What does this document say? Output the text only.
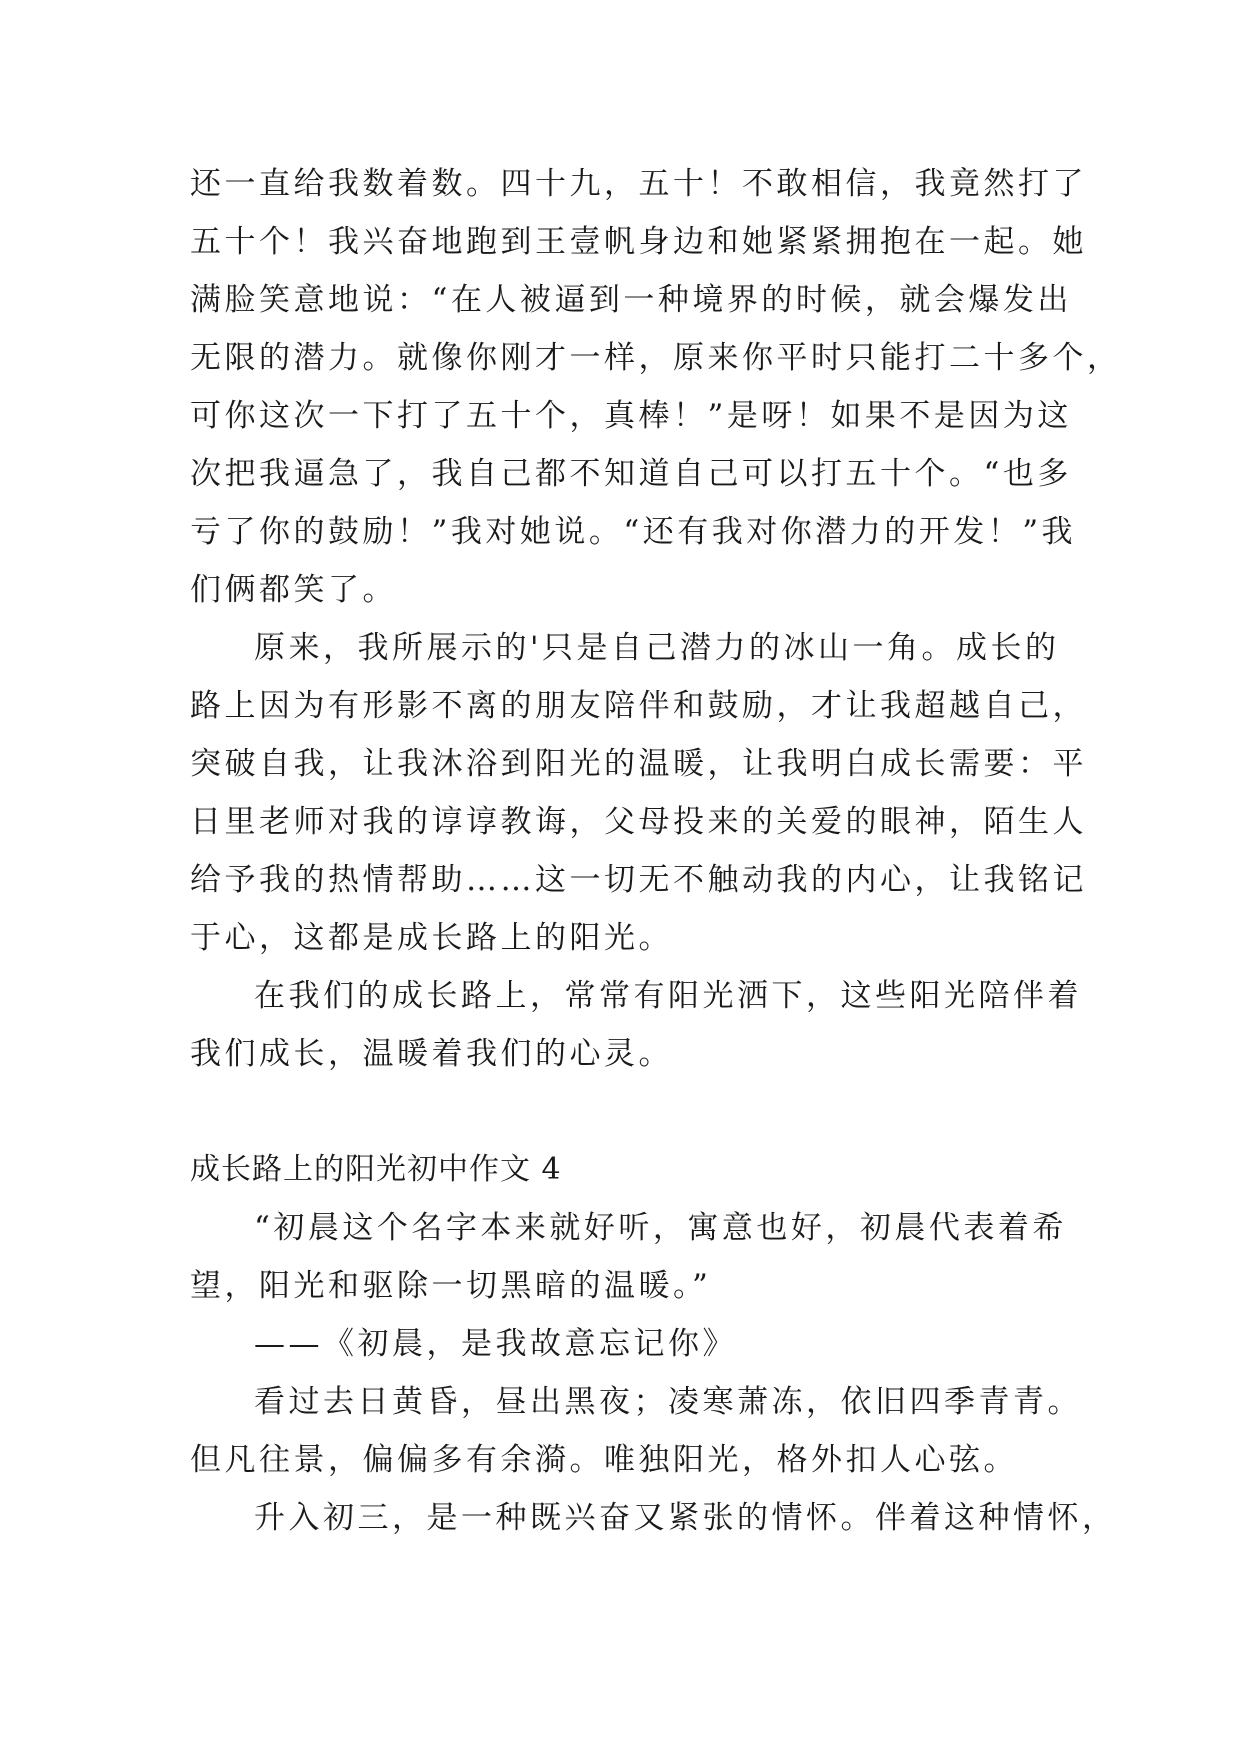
还一直给我数着数。四十九，五十！不敢相信，我竟然打了
五十个！我兴奋地跑到王壹帆身边和她紧紧拥抱在一起。她
满脸笑意地说：“在人被逼到一种境界的时候，就会爆发出
无限的潜力。就像你刚才一样，原来你平时只能打二十多个，
可你这次一下打了五十个，真棒！”是呀！如果不是因为这
次把我逼急了，我自己都不知道自己可以打五十个。“也多
亏了你的鼓励！”我对她说。“还有我对你潜力的开发！”我
们俩都笑了。
原来，我所展示的'只是自己潜力的冰山一角。成长的
路上因为有形影不离的朋友陪伴和鼓励，才让我超越自己，
突破自我，让我沐浴到阳光的温暖，让我明白成长需要：平
日里老师对我的谆谆教诲，父母投来的关爱的眼神，陌生人
给予我的热情帮助……这一切无不触动我的内心，让我铭记
于心，这都是成长路上的阳光。
在我们的成长路上，常常有阳光洒下，这些阳光陪伴着
我们成长，温暖着我们的心灵。
成长路上的阳光初中作文 4
“初晨这个名字本来就好听，寓意也好，初晨代表着希
望，阳光和驱除一切黑暗的温暖。”
——《初晨，是我故意忘记你》
看过去日黄昏，昼出黑夜；凌寒萧冻，依旧四季青青。
但凡往景，偏偏多有余漪。唯独阳光，格外扣人心弦。
升入初三，是一种既兴奋又紧张的情怀。伴着这种情怀，
